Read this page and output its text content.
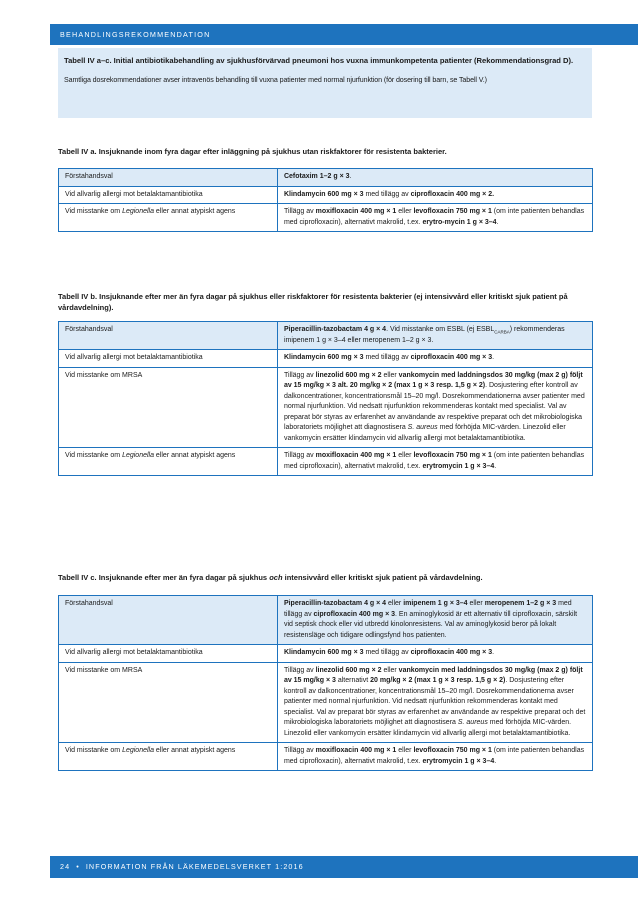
BEHANDLINGSREKOMMENDATION
Tabell IV a–c. Initial antibiotikabehandling av sjukhusförvärvad pneumoni hos vuxna immunkompetenta patienter (Rekommendationsgrad D).
Samtliga dosrekommendationer avser intravenös behandling till vuxna patienter med normal njurfunktion (för dosering till barn, se Tabell V.)
Tabell IV a. Insjuknande inom fyra dagar efter inläggning på sjukhus utan riskfaktorer för resistenta bakterier.
Förstahandsval	Cefotaxim 1–2 g × 3.
Vid allvarlig allergi mot betalaktamantibiotika	Klindamycin 600 mg × 3 med tillägg av ciprofloxacin 400 mg × 2.
Vid misstanke om Legionella eller annat atypiskt agens	Tillägg av moxifloxacin 400 mg × 1 eller levofloxacin 750 mg × 1 (om inte patienten behandlas med ciprofloxacin), alternativt makrolid, t.ex. erytro-mycin 1 g × 3–4.
Tabell IV b. Insjuknande efter mer än fyra dagar på sjukhus eller riskfaktorer för resistenta bakterier (ej intensivvård eller kritiskt sjuk patient på vårdavdelning).
Förstahandsval	Piperacillin-tazobactam 4 g × 4. Vid misstanke om ESBL (ej $ESBL_{CARBA}$) rekommenderas imipenem 1 g × 3–4 eller meropenem 1–2 g × 3.
Vid allvarlig allergi mot betalaktamantibiotika	Klindamycin 600 mg × 3 med tillägg av ciprofloxacin 400 mg × 3.
Vid misstanke om MRSA	Tillägg av linezolid 600 mg × 2 eller vankomycin med laddningsdos 30 mg/kg (max 2 g) följt av 15 mg/kg × 3 alt. 20 mg/kg × 2 (max 1 g × 3 resp. 1,5 g × 2). Dosjustering efter kontroll av dalkoncentrationer, koncentrationsmål 15–20 mg/l. Dosrekommendationerna avser patienter med normal njurfunktion. Vid nedsatt njurfunktion rekommenderas kontakt med specialist. Val av preparat bör styras av erfarenhet av användande av respektive preparat och det mikrobiologiska laboratoriets möjlighet att diagnostisera S. aureus med förhöjda MIC-värden. Linezolid eller vankomycin ersätter klindamycin vid allvarlig allergi mot betalaktamantibiotika.
Vid misstanke om Legionella eller annat atypiskt agens	Tillägg av moxifloxacin 400 mg × 1 eller levofloxacin 750 mg × 1 (om inte patienten behandlas med ciprofloxacin), alternativt makrolid, t.ex. erytromycin 1 g × 3–4.
Tabell IV c. Insjuknande efter mer än fyra dagar på sjukhus och intensivvård eller kritiskt sjuk patient på vårdavdelning.
Förstahandsval	Piperacillin-tazobactam 4 g × 4 eller imipenem 1 g × 3–4 eller meropenem 1–2 g × 3 med tillägg av ciprofloxacin 400 mg × 3. En aminoglykosid är ett alternativ till ciprofloxacin, särskilt vid septisk chock eller vid utbredd kinolonresistens. Val av aminoglykosid beror på lokalt resistensläge och tidigare odlingsfynd hos patienten.
Vid allvarlig allergi mot betalaktamantibiotika	Klindamycin 600 mg × 3 med tillägg av ciprofloxacin 400 mg × 3.
Vid misstanke om MRSA	Tillägg av linezolid 600 mg × 2 eller vankomycin med laddningsdos 30 mg/kg (max 2 g) följt av 15 mg/kg × 3 alternativt 20 mg/kg × 2 (max 1 g × 3 resp. 1,5 g × 2). Dosjustering efter kontroll av dalkoncentrationer, koncentrationsmål 15–20 mg/l. Dosrekommendationerna avser patienter med normal njurfunktion. Vid nedsatt njurfunktion rekommenderas kontakt med specialist. Val av preparat bör styras av erfarenhet av användande av respektive preparat och det mikrobiologiska laboratoriets möjlighet att diagnostisera S. aureus med förhöjda MIC-värden. Linezolid eller vankomycin ersätter klindamycin vid allvarlig allergi mot betalaktamantibiotika.
Vid misstanke om Legionella eller annat atypiskt agens	Tillägg av moxifloxacin 400 mg × 1 eller levofloxacin 750 mg × 1 (om inte patienten behandlas med ciprofloxacin), alternativt makrolid, t.ex. erytromycin 1 g × 3–4.
24 • INFORMATION FRÅN LÄKEMEDELSVERKET 1:2016
